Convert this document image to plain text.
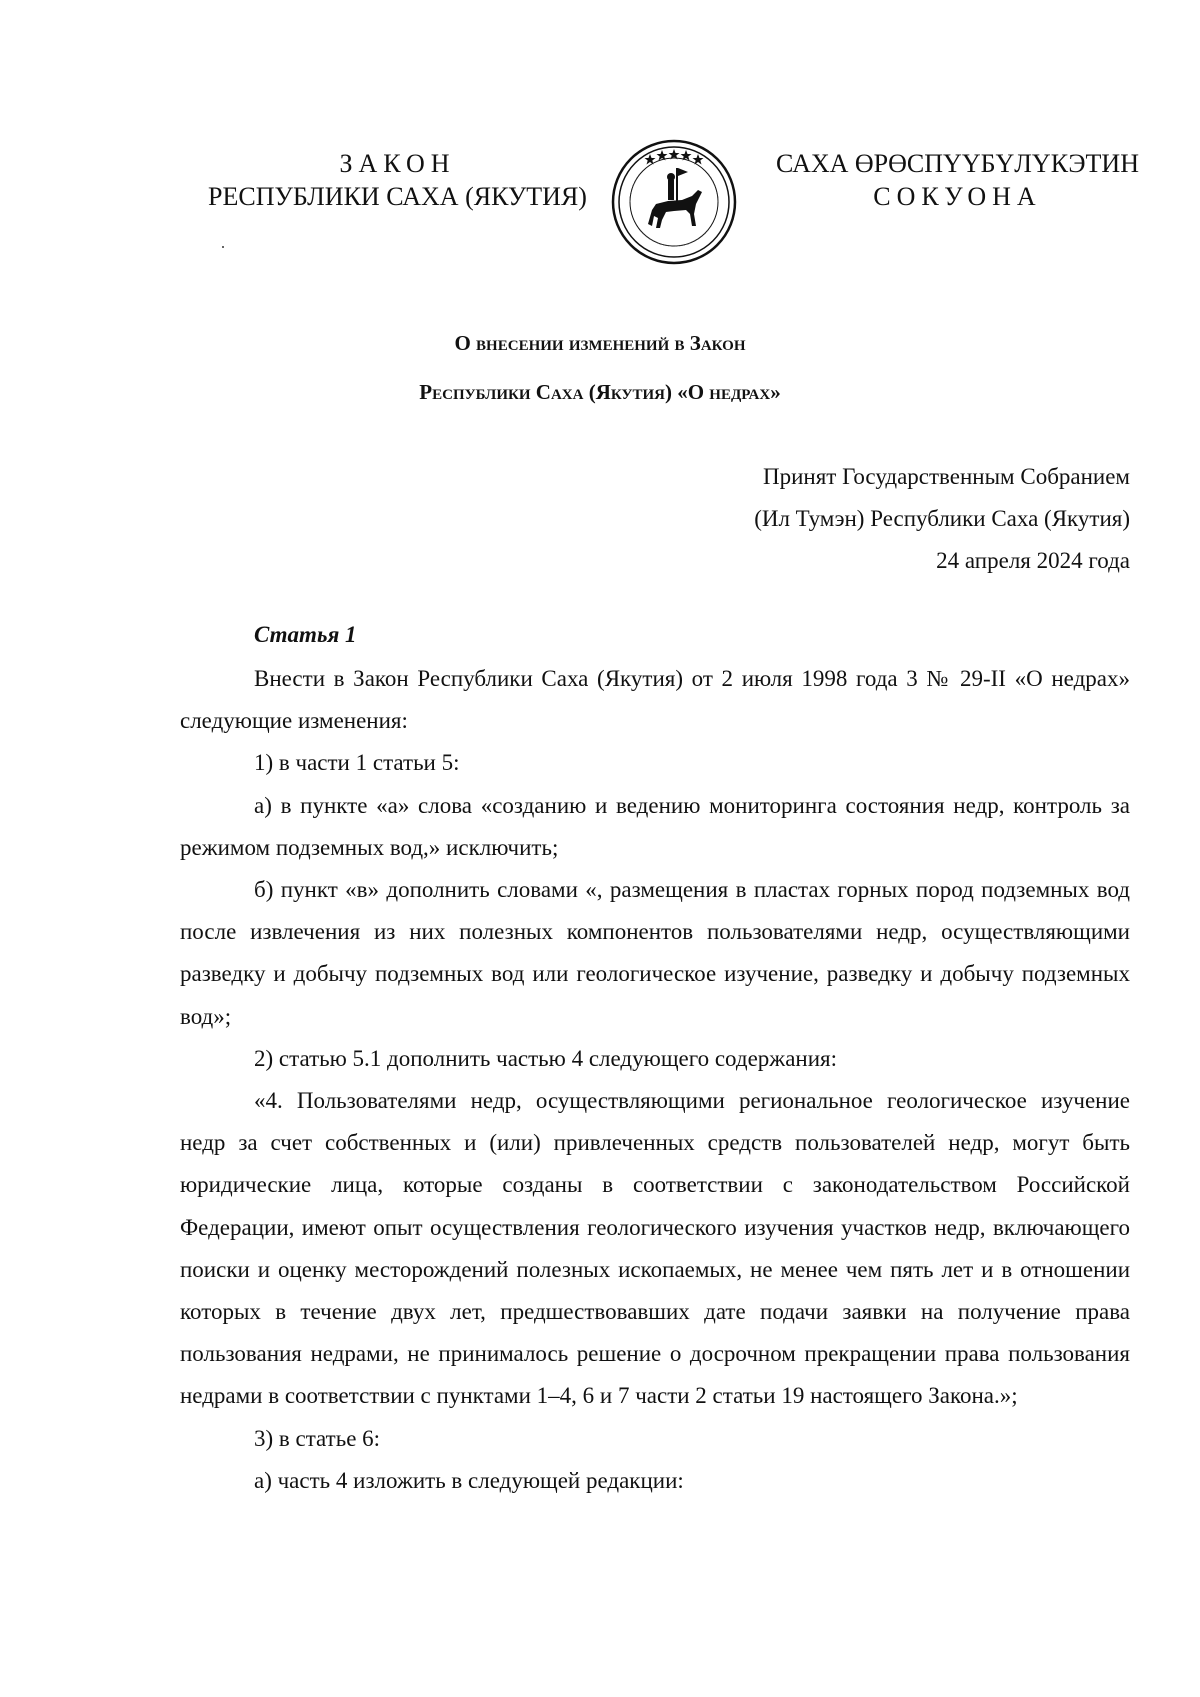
ЗАКОН
РЕСПУБЛИКИ САХА (ЯКУТИЯ)
САХА ӨРӨСПҮҮБҮЛҮКЭТИН
СОКУОНА
О внесении изменений в Закон
Республики Саха (Якутия) «О недрах»
Принят Государственным Собранием
(Ил Тумэн) Республики Саха (Якутия)
24 апреля 2024 года
Статья 1

Внести в Закон Республики Саха (Якутия) от 2 июля 1998 года 3 № 29-II «О недрах» следующие изменения:

1) в части 1 статьи 5:

а) в пункте «а» слова «созданию и ведению мониторинга состояния недр, контроль за режимом подземных вод,» исключить;

б) пункт «в» дополнить словами «, размещения в пластах горных пород подземных вод после извлечения из них полезных компонентов пользователями недр, осуществляющими разведку и добычу подземных вод или геологическое изучение, разведку и добычу подземных вод»;

2) статью 5.1 дополнить частью 4 следующего содержания:

«4. Пользователями недр, осуществляющими региональное геологическое изучение недр за счет собственных и (или) привлеченных средств пользователей недр, могут быть юридические лица, которые созданы в соответствии с законодательством Российской Федерации, имеют опыт осуществления геологического изучения участков недр, включающего поиски и оценку месторождений полезных ископаемых, не менее чем пять лет и в отношении которых в течение двух лет, предшествовавших дате подачи заявки на получение права пользования недрами, не принималось решение о досрочном прекращении права пользования недрами в соответствии с пунктами 1–4, 6 и 7 части 2 статьи 19 настоящего Закона.»;

3) в статье 6:

а) часть 4 изложить в следующей редакции:
